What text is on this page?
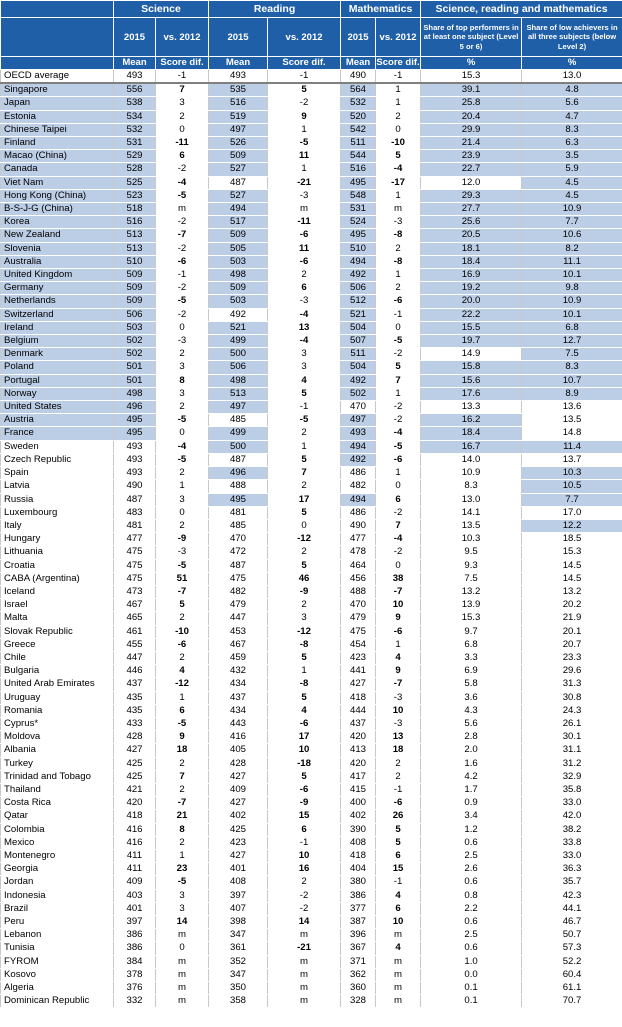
	Science		Reading		Mathematics		Science, reading and mathematics	
	2015	vs. 2012	2015	vs. 2012	2015	vs. 2012	Share of top performers in at least one subject (Level 5 or 6)	Share of low achievers in all three subjects (below Level 2)
	Mean	Score dif.	Mean	Score dif.	Mean	Score dif.	%	%
OECD average	493	-1	493	-1	490	-1	15.3	13.0
Singapore	556	7	535	5	564	1	39.1	4.8
Japan	538	3	516	-2	532	1	25.8	5.6
Estonia	534	2	519	9	520	2	20.4	4.7
Chinese Taipei	532	0	497	1	542	0	29.9	8.3
Finland	531	-11	526	-5	511	-10	21.4	6.3
Macao (China)	529	6	509	11	544	5	23.9	3.5
Canada	528	-2	527	1	516	-4	22.7	5.9
Viet Nam	525	-4	487	-21	495	-17	12.0	4.5
Hong Kong (China)	523	-5	527	-3	548	1	29.3	4.5
B-S-J-G (China)	518	m	494	m	531	m	27.7	10.9
Korea	516	-2	517	-11	524	-3	25.6	7.7
New Zealand	513	-7	509	-6	495	-8	20.5	10.6
Slovenia	513	-2	505	11	510	2	18.1	8.2
Australia	510	-6	503	-6	494	-8	18.4	11.1
United Kingdom	509	-1	498	2	492	1	16.9	10.1
Germany	509	-2	509	6	506	2	19.2	9.8
Netherlands	509	-5	503	-3	512	-6	20.0	10.9
Switzerland	506	-2	492	-4	521	-1	22.2	10.1
Ireland	503	0	521	13	504	0	15.5	6.8
Belgium	502	-3	499	-4	507	-5	19.7	12.7
Denmark	502	2	500	3	511	-2	14.9	7.5
Poland	501	3	506	3	504	5	15.8	8.3
Portugal	501	8	498	4	492	7	15.6	10.7
Norway	498	3	513	5	502	1	17.6	8.9
United States	496	2	497	-1	470	-2	13.3	13.6
Austria	495	-5	485	-5	497	-2	16.2	13.5
France	495	0	499	2	493	-4	18.4	14.8
Sweden	493	-4	500	1	494	-5	16.7	11.4
Czech Republic	493	-5	487	5	492	-6	14.0	13.7
Spain	493	2	496	7	486	1	10.9	10.3
Latvia	490	1	488	2	482	0	8.3	10.5
Russia	487	3	495	17	494	6	13.0	7.7
Luxembourg	483	0	481	5	486	-2	14.1	17.0
Italy	481	2	485	0	490	7	13.5	12.2
Hungary	477	-9	470	-12	477	-4	10.3	18.5
Lithuania	475	-3	472	2	478	-2	9.5	15.3
Croatia	475	-5	487	5	464	0	9.3	14.5
CABA (Argentina)	475	51	475	46	456	38	7.5	14.5
Iceland	473	-7	482	-9	488	-7	13.2	13.2
Israel	467	5	479	2	470	10	13.9	20.2
Malta	465	2	447	3	479	9	15.3	21.9
Slovak Republic	461	-10	453	-12	475	-6	9.7	20.1
Greece	455	-6	467	-8	454	1	6.8	20.7
Chile	447	2	459	5	423	4	3.3	23.3
Bulgaria	446	4	432	1	441	9	6.9	29.6
United Arab Emirates	437	-12	434	-8	427	-7	5.8	31.3
Uruguay	435	1	437	5	418	-3	3.6	30.8
Romania	435	6	434	4	444	10	4.3	24.3
Cyprus*	433	-5	443	-6	437	-3	5.6	26.1
Moldova	428	9	416	17	420	13	2.8	30.1
Albania	427	18	405	10	413	18	2.0	31.1
Turkey	425	2	428	-18	420	2	1.6	31.2
Trinidad and Tobago	425	7	427	5	417	2	4.2	32.9
Thailand	421	2	409	-6	415	-1	1.7	35.8
Costa Rica	420	-7	427	-9	400	-6	0.9	33.0
Qatar	418	21	402	15	402	26	3.4	42.0
Colombia	416	8	425	6	390	5	1.2	38.2
Mexico	416	2	423	-1	408	5	0.6	33.8
Montenegro	411	1	427	10	418	6	2.5	33.0
Georgia	411	23	401	16	404	15	2.6	36.3
Jordan	409	-5	408	2	380	-1	0.6	35.7
Indonesia	403	3	397	-2	386	4	0.8	42.3
Brazil	401	3	407	-2	377	6	2.2	44.1
Peru	397	14	398	14	387	10	0.6	46.7
Lebanon	386	m	347	m	396	m	2.5	50.7
Tunisia	386	0	361	-21	367	4	0.6	57.3
FYROM	384	m	352	m	371	m	1.0	52.2
Kosovo	378	m	347	m	362	m	0.0	60.4
Algeria	376	m	350	m	360	m	0.1	61.1
Dominican Republic	332	m	358	m	328	m	0.1	70.7
